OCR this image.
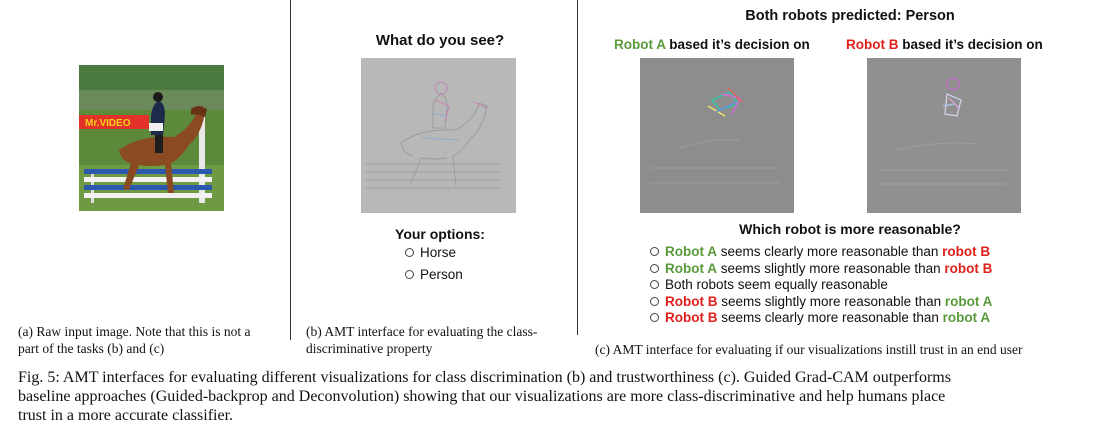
Mr.VIDEO
(a) Raw input image. Note that this is not a
part of the tasks (b) and (c)
What do you see?
Your options:
Horse
Person
(b) AMT interface for evaluating the class-
discriminative property
Both robots predicted: Person
Robot A based it’s decision on	Robot B based it’s decision on
Which robot is more reasonable?
Robot A seems clearly more reasonable than robot B
Robot A seems slightly more reasonable than robot B
Both robots seem equally reasonable
Robot B seems slightly more reasonable than robot A
Robot B seems clearly more reasonable than robot A
(c) AMT interface for evaluating if our visualizations instill trust in an end user
Fig. 5: AMT interfaces for evaluating different visualizations for class discrimination (b) and trustworthiness (c). Guided Grad-CAM outperforms
baseline approaches (Guided-backprop and Deconvolution) showing that our visualizations are more class-discriminative and help humans place
trust in a more accurate classifier.
